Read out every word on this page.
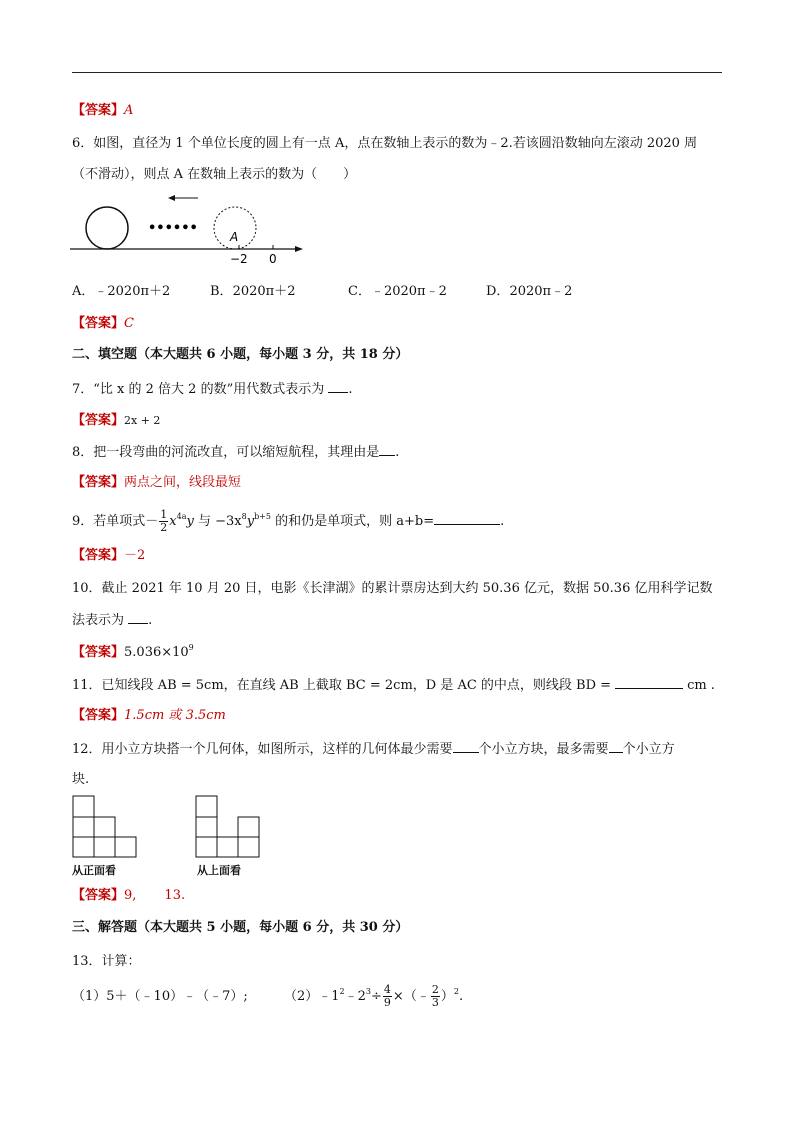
【答案】A
6．如图，直径为 1 个单位长度的圆上有一点 A，点在数轴上表示的数为﹣2.若该圆沿数轴向左滚动 2020 周
（不滑动），则点 A 在数轴上表示的数为（　　）
••••••
A
−2 0
A．﹣2020π＋2	B．2020π＋2	C．﹣2020π﹣2	D．2020π﹣2
【答案】C
二、填空题（本大题共 6 小题，每小题 3 分，共 18 分）
7．“比 x 的 2 倍大 2 的数”用代数式表示为 .
【答案】2x + 2
8．把一段弯曲的河流改直，可以缩短航程，其理由是 .
【答案】两点之间，线段最短
9．若单项式－ $\frac{1}{2} x^{4a}y$ 与 $-3x^8y^{b+5}$ 的和仍是单项式，则 a+b=	.
【答案】－2
10．截止 2021 年 10 月 20 日，电影《长津湖》的累计票房达到大约 50.36 亿元，数据 50.36 亿用科学记数
法表示为 .
【答案】$5.036\times 10^9$
11．已知线段 AB = 5cm，在直线 AB 上截取 BC = 2cm，D 是 AC 的中点，则线段 BD =	cm .
【答案】1.5cm 或 3.5cm
12．用小立方块搭一个几何体，如图所示，这样的几何体最少需要 个小立方块，最多需要 个小立方
块.
从正面看	从上面看
【答案】9, 13.
三、解答题（本大题共 5 小题，每小题 6 分，共 30 分）
13．计算：
（1）5＋（﹣10）﹣（﹣7）;	$(2)﹣1^2﹣2^3\div \frac{4}{9}$ ×（﹣ $\frac{2}{3} )^2$.
